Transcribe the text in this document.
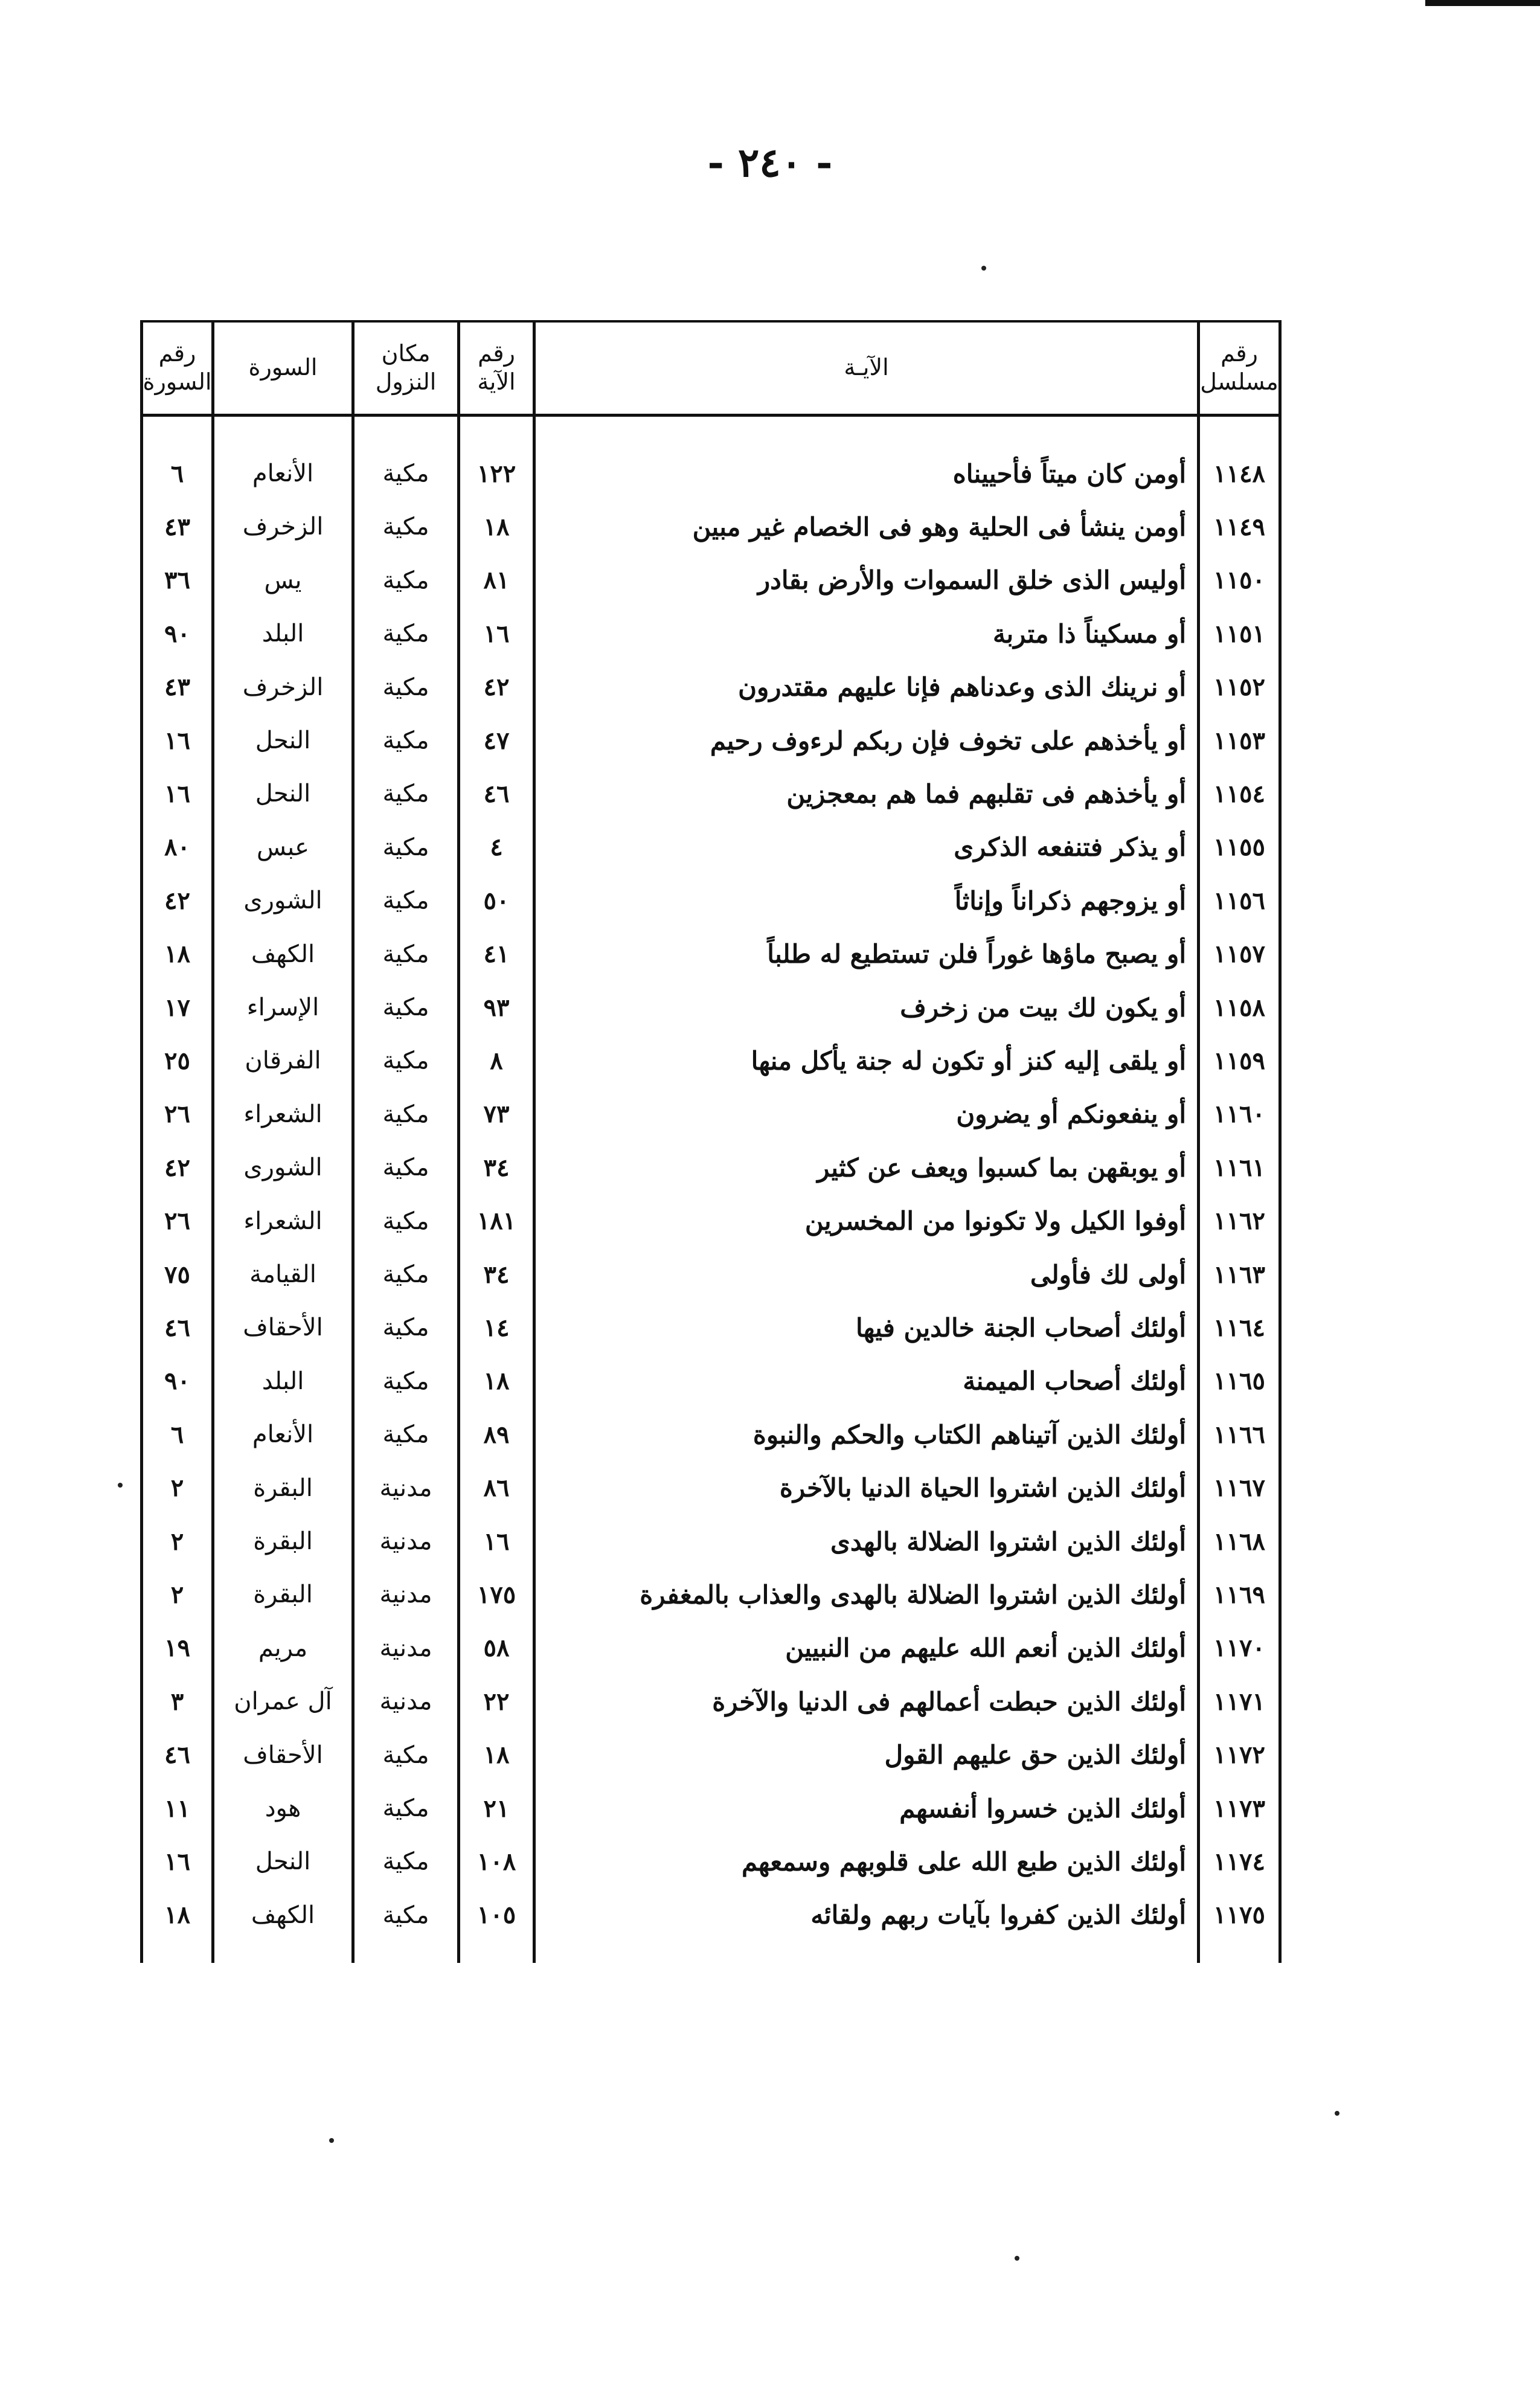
- ٢٤٠ -
رقم
مسلسل
الآيـة
رقم
الآية
مكان
النزول
السورة
رقم
السورة
١١٤٨
أومن كان ميتاً فأحييناه
١٢٢
مكية
الأنعام
٦
١١٤٩
أومن ينشأ فى الحلية وهو فى الخصام غير مبين
١٨
مكية
الزخرف
٤٣
١١٥٠
أوليس الذى خلق السموات والأرض بقادر
٨١
مكية
يس
٣٦
١١٥١
أو مسكيناً ذا متربة
١٦
مكية
البلد
٩٠
١١٥٢
أو نرينك الذى وعدناهم فإنا عليهم مقتدرون
٤٢
مكية
الزخرف
٤٣
١١٥٣
أو يأخذهم على تخوف فإن ربكم لرءوف رحيم
٤٧
مكية
النحل
١٦
١١٥٤
أو يأخذهم فى تقلبهم فما هم بمعجزين
٤٦
مكية
النحل
١٦
١١٥٥
أو يذكر فتنفعه الذكرى
٤
مكية
عبس
٨٠
١١٥٦
أو يزوجهم ذكراناً وإناثاً
٥٠
مكية
الشورى
٤٢
١١٥٧
أو يصبح ماؤها غوراً فلن تستطيع له طلباً
٤١
مكية
الكهف
١٨
١١٥٨
أو يكون لك بيت من زخرف
٩٣
مكية
الإسراء
١٧
١١٥٩
أو يلقى إليه كنز أو تكون له جنة يأكل منها
٨
مكية
الفرقان
٢٥
١١٦٠
أو ينفعونكم أو يضرون
٧٣
مكية
الشعراء
٢٦
١١٦١
أو يوبقهن بما كسبوا ويعف عن كثير
٣٤
مكية
الشورى
٤٢
١١٦٢
أوفوا الكيل ولا تكونوا من المخسرين
١٨١
مكية
الشعراء
٢٦
١١٦٣
أولى لك فأولى
٣٤
مكية
القيامة
٧٥
١١٦٤
أولئك أصحاب الجنة خالدين فيها
١٤
مكية
الأحقاف
٤٦
١١٦٥
أولئك أصحاب الميمنة
١٨
مكية
البلد
٩٠
١١٦٦
أولئك الذين آتيناهم الكتاب والحكم والنبوة
٨٩
مكية
الأنعام
٦
١١٦٧
أولئك الذين اشتروا الحياة الدنيا بالآخرة
٨٦
مدنية
البقرة
٢
١١٦٨
أولئك الذين اشتروا الضلالة بالهدى
١٦
مدنية
البقرة
٢
١١٦٩
أولئك الذين اشتروا الضلالة بالهدى والعذاب بالمغفرة
١٧٥
مدنية
البقرة
٢
١١٧٠
أولئك الذين أنعم الله عليهم من النبيين
٥٨
مدنية
مريم
١٩
١١٧١
أولئك الذين حبطت أعمالهم فى الدنيا والآخرة
٢٢
مدنية
آل عمران
٣
١١٧٢
أولئك الذين حق عليهم القول
١٨
مكية
الأحقاف
٤٦
١١٧٣
أولئك الذين خسروا أنفسهم
٢١
مكية
هود
١١
١١٧٤
أولئك الذين طبع الله على قلوبهم وسمعهم
١٠٨
مكية
النحل
١٦
١١٧٥
أولئك الذين كفروا بآيات ربهم ولقائه
١٠٥
مكية
الكهف
١٨
